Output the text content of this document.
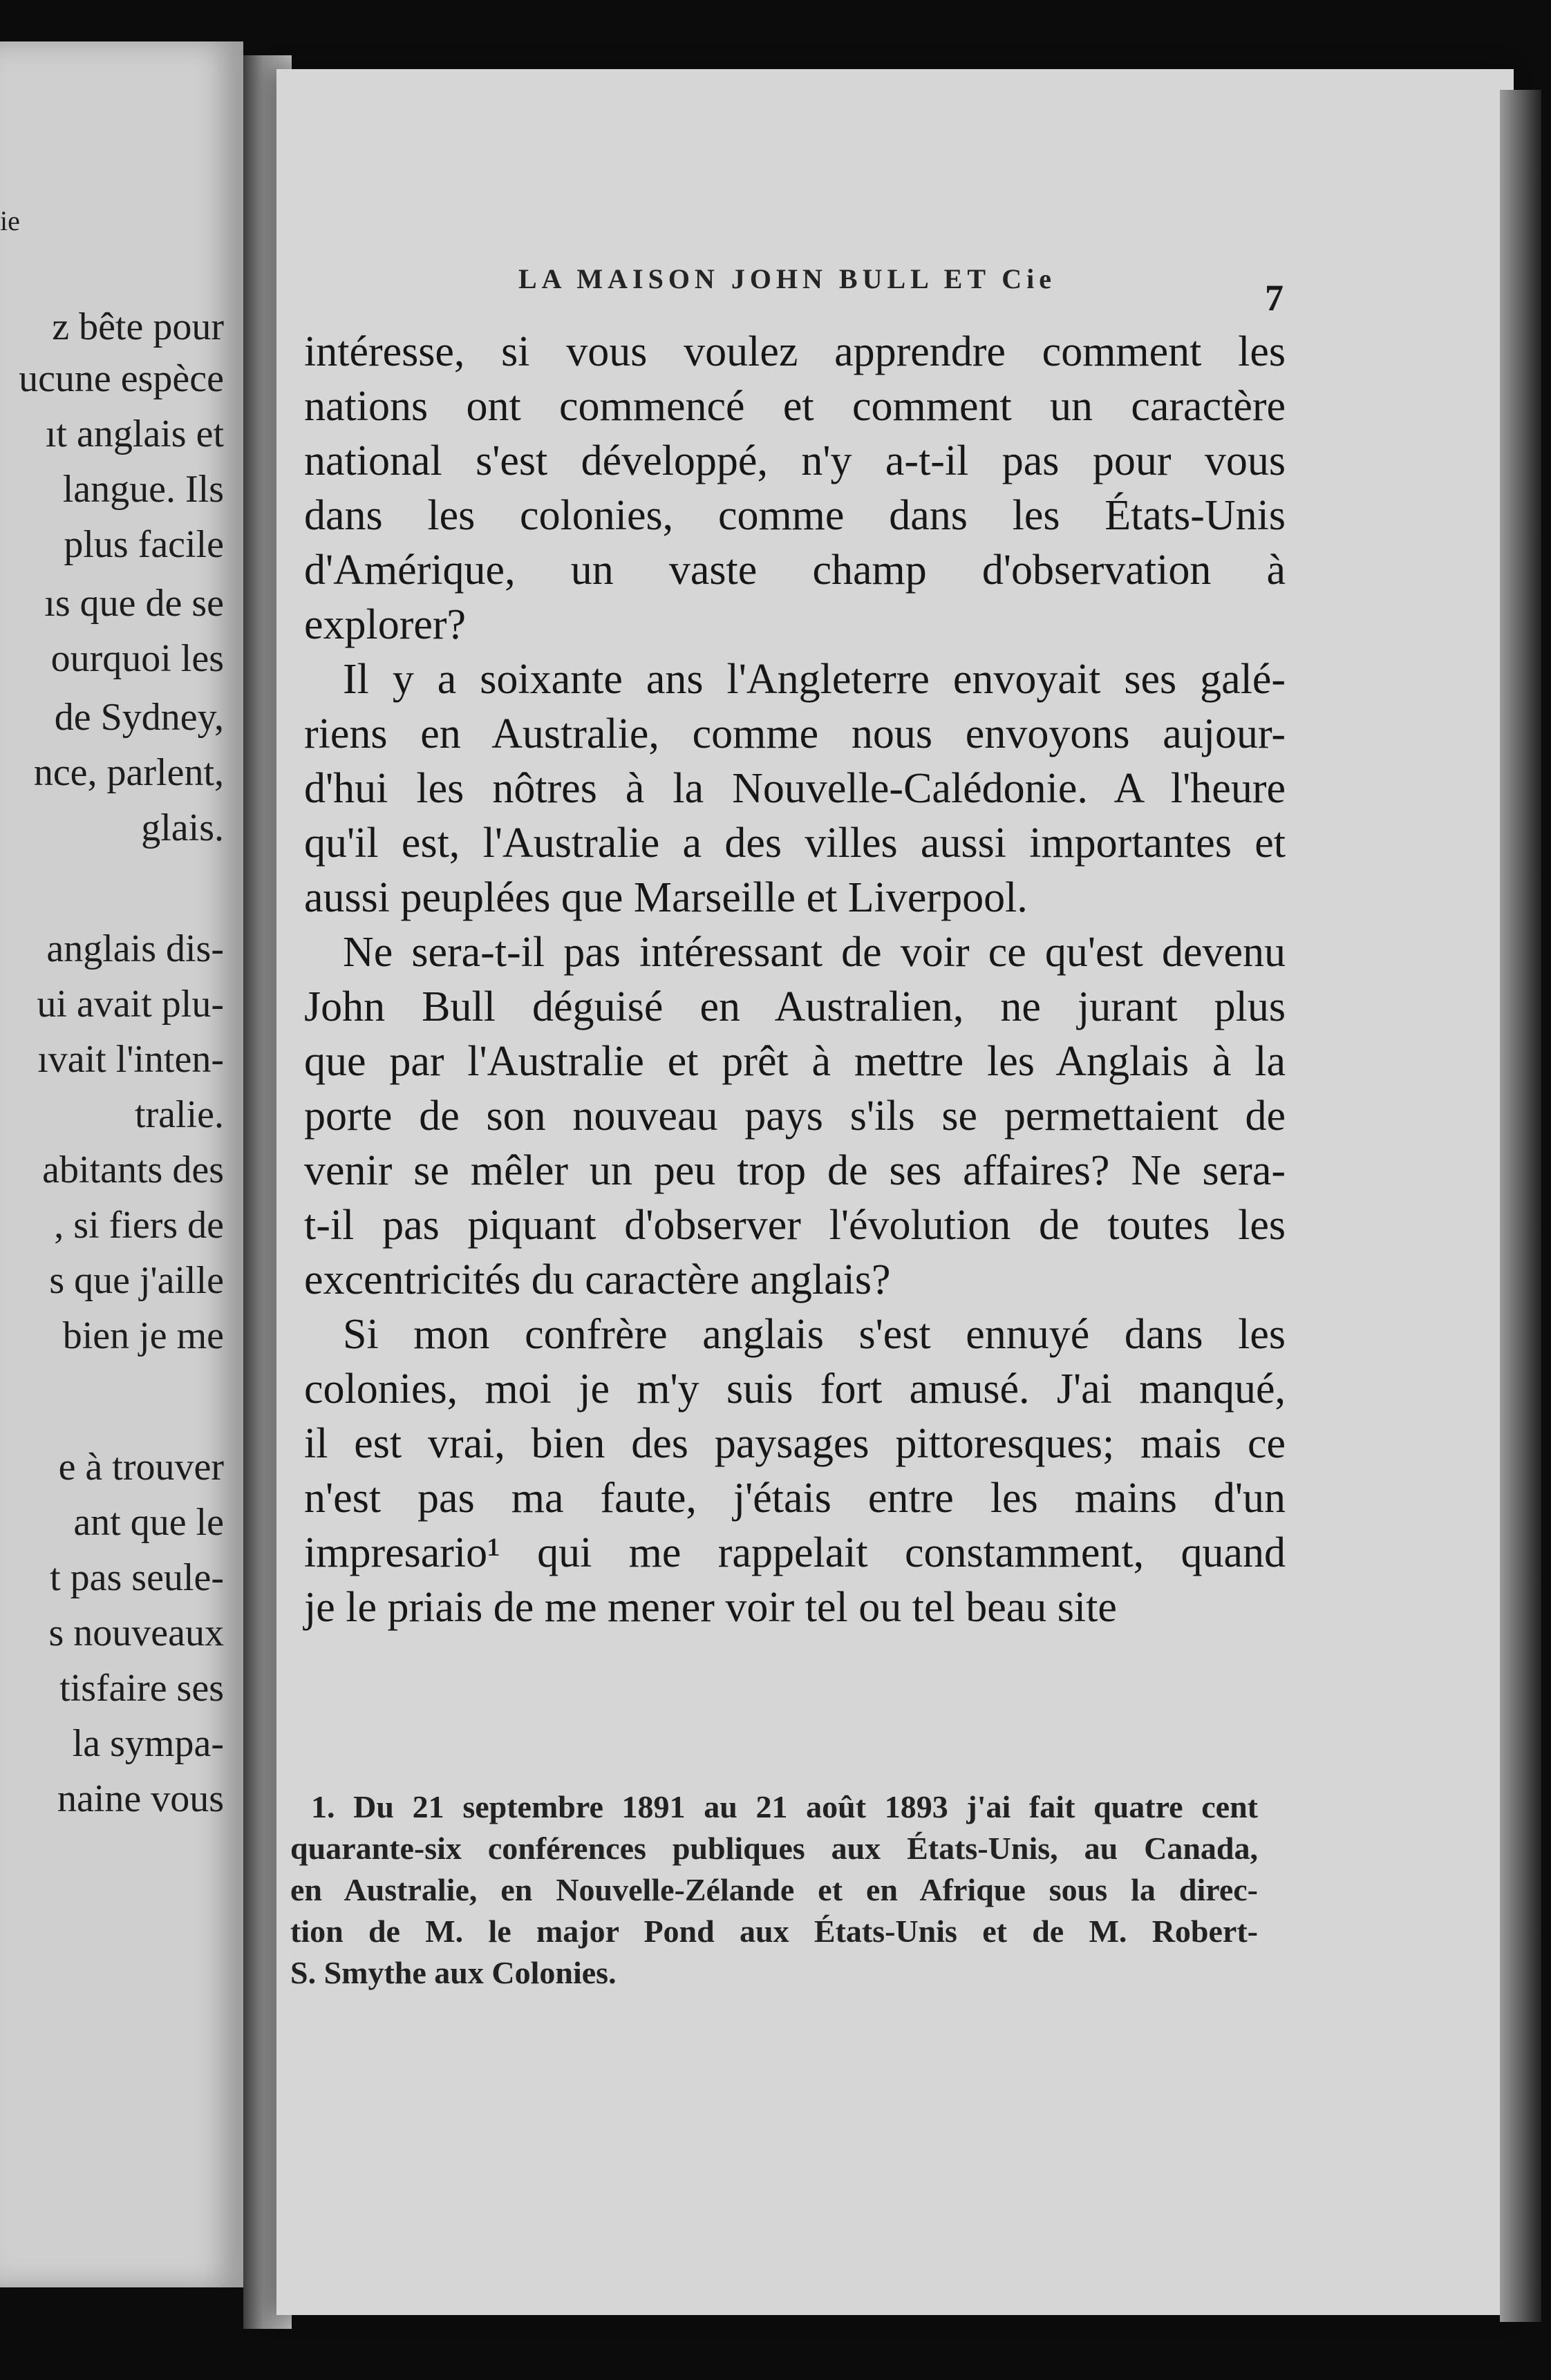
ie
z bête pour
ucune espèce
ıt anglais et
langue. Ils
plus facile
ıs que de se
ourquoi les
de Sydney,
nce, parlent,
glais.
anglais dis-
ui avait plu-
ıvait l'inten-
tralie.
abitants des
, si fiers de
s que j'aille
bien je me
e à trouver
ant que le
t pas seule-
s nouveaux
tisfaire ses
la sympa-
naine vous
LA MAISON JOHN BULL ET Cie	7
intéresse, si vous voulez apprendre comment les
nations ont commencé et comment un caractère
national s'est développé, n'y a-t-il pas pour vous
dans les colonies, comme dans les États-Unis
d'Amérique, un vaste champ d'observation à
explorer?
Il y a soixante ans l'Angleterre envoyait ses galé-
riens en Australie, comme nous envoyons aujour-
d'hui les nôtres à la Nouvelle-Calédonie. A l'heure
qu'il est, l'Australie a des villes aussi importantes et
aussi peuplées que Marseille et Liverpool.
Ne sera-t-il pas intéressant de voir ce qu'est devenu
John Bull déguisé en Australien, ne jurant plus
que par l'Australie et prêt à mettre les Anglais à la
porte de son nouveau pays s'ils se permettaient de
venir se mêler un peu trop de ses affaires? Ne sera-
t-il pas piquant d'observer l'évolution de toutes les
excentricités du caractère anglais?
Si mon confrère anglais s'est ennuyé dans les
colonies, moi je m'y suis fort amusé. J'ai manqué,
il est vrai, bien des paysages pittoresques; mais ce
n'est pas ma faute, j'étais entre les mains d'un
impresario¹ qui me rappelait constamment, quand
je le priais de me mener voir tel ou tel beau site
1. Du 21 septembre 1891 au 21 août 1893 j'ai fait quatre cent
quarante-six conférences publiques aux États-Unis, au Canada,
en Australie, en Nouvelle-Zélande et en Afrique sous la direc-
tion de M. le major Pond aux États-Unis et de M. Robert-
S. Smythe aux Colonies.
